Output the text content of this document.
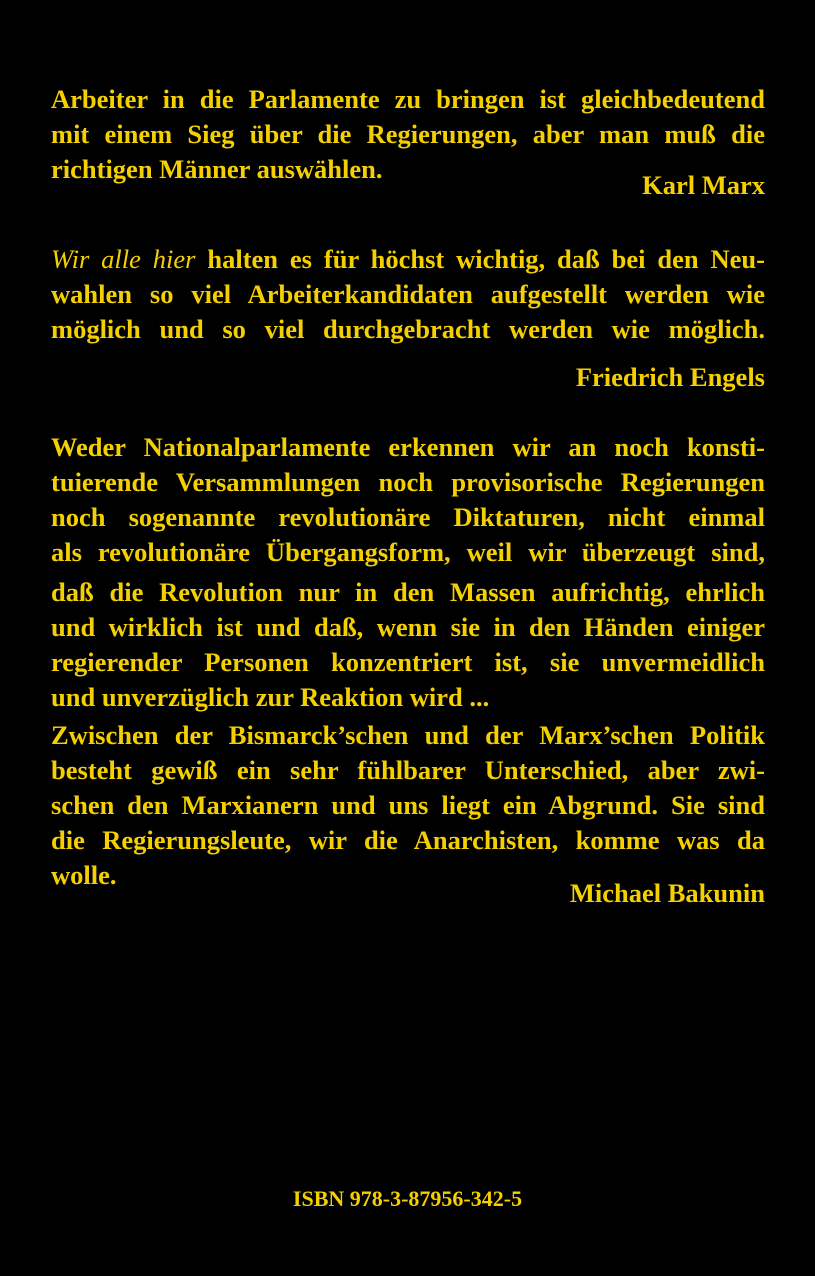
Arbeiter in die Parlamente zu bringen ist gleichbedeutend
mit einem Sieg über die Regierungen, aber man muß die
richtigen Männer auswählen.
Karl Marx
Wir alle hier halten es für höchst wichtig, daß bei den Neu-
wahlen so viel Arbeiterkandidaten aufgestellt werden wie
möglich und so viel durchgebracht werden wie möglich.
Friedrich Engels
Weder Nationalparlamente erkennen wir an noch konsti-
tuierende Versammlungen noch provisorische Regierungen
noch sogenannte revolutionäre Diktaturen, nicht einmal
als revolutionäre Übergangsform, weil wir überzeugt sind,
daß die Revolution nur in den Massen aufrichtig, ehrlich
und wirklich ist und daß, wenn sie in den Händen einiger
regierender Personen konzentriert ist, sie unvermeidlich
und unverzüglich zur Reaktion wird ...
Zwischen der Bismarck’schen und der Marx’schen Politik
besteht gewiß ein sehr fühlbarer Unterschied, aber zwi-
schen den Marxianern und uns liegt ein Abgrund. Sie sind
die Regierungsleute, wir die Anarchisten, komme was da
wolle.
Michael Bakunin
ISBN 978-3-87956-342-5
